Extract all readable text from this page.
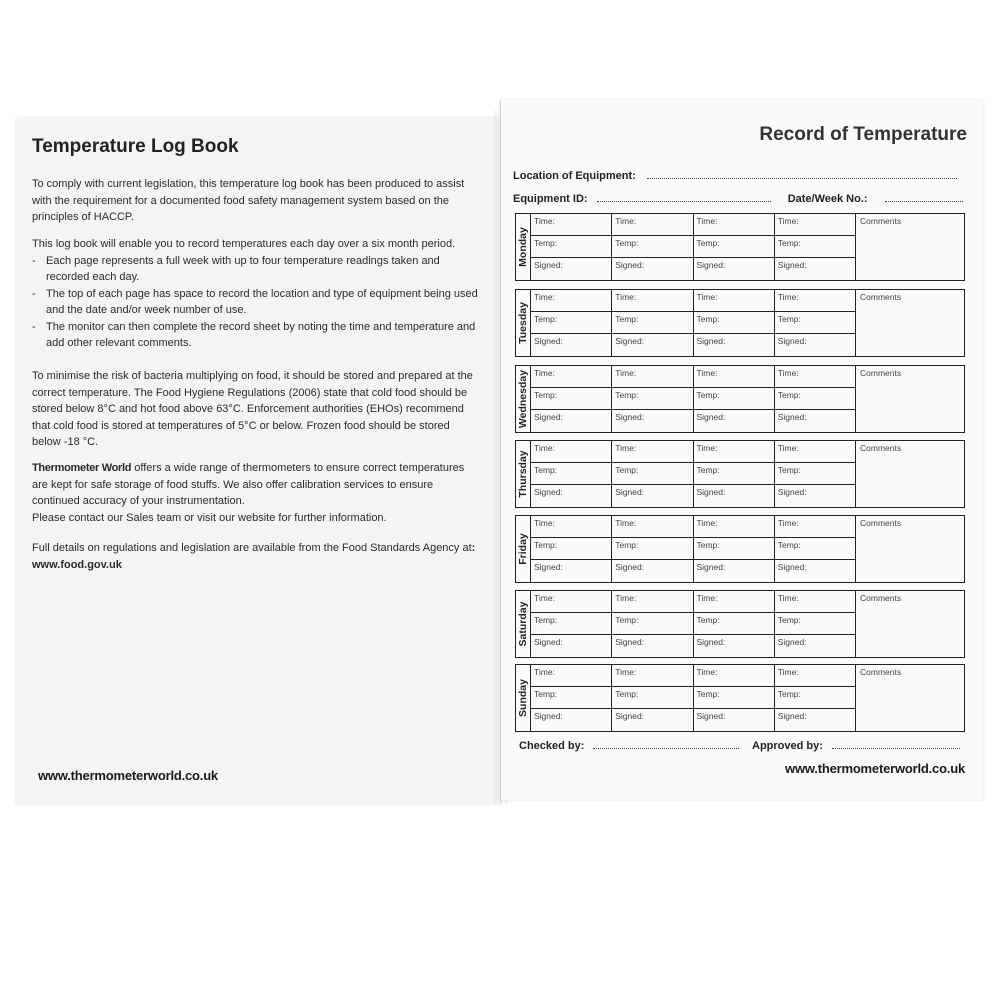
Temperature Log Book

To comply with current legislation, this temperature log book has been produced to assist with the requirement for a documented food safety management system based on the principles of HACCP.

This log book will enable you to record temperatures each day over a six month period.

- Each page represents a full week with up to four temperature readings taken and recorded each day.
- The top of each page has space to record the location and type of equipment being used and the date and/or week number of use.
- The monitor can then complete the record sheet by noting the time and temperature and add other relevant comments.

To minimise the risk of bacteria multiplying on food, it should be stored and prepared at the correct temperature. The Food Hygiene Regulations (2006) state that cold food should be stored below 8°C and hot food above 63°C. Enforcement authorities (EHOs) recommend that cold food is stored at temperatures of 5°C or below. Frozen food should be stored below -18 °C.

Thermometer World offers a wide range of thermometers to ensure correct temperatures are kept for safe storage of food stuffs. We also offer calibration services to ensure continued accuracy of your instrumentation.

Please contact our Sales team or visit our website for further information.

Full details on regulations and legislation are available from the Food Standards Agency at: www.food.gov.uk

www.thermometerworld.co.uk
Record of Temperature
Location of Equipment:
Equipment ID:	Date/Week No.:
Monday
Time:	Time:	Time:	Time:
Temp:	Temp:	Temp:	Temp:
Signed:	Signed:	Signed:	Signed:
Comments
Tuesday
Time:	Time:	Time:	Time:
Temp:	Temp:	Temp:	Temp:
Signed:	Signed:	Signed:	Signed:
Comments
Wednesday Time:	Time:	Time:	Time:
Temp:	Temp:	Temp:	Temp:
Signed:	Signed:	Signed:	Signed:
Comments
Thursday
Time:	Time:	Time:	Time:
Temp:	Temp:	Temp:	Temp:
Signed:	Signed:	Signed:	Signed:
Comments
Friday
Time:	Time:	Time:	Time:
Temp:	Temp:	Temp:	Temp:
Signed:	Signed:	Signed:	Signed:
Comments
Saturday
Time:	Time:	Time:	Time:
Temp:	Temp:	Temp:	Temp:
Signed:	Signed:	Signed:	Signed:
Comments
Sunday
Time:	Time:	Time:	Time:
Temp:	Temp:	Temp:	Temp:
Signed:	Signed:	Signed:	Signed:
Comments
Checked by:	Approved by:
www.thermometerworld.co.uk
